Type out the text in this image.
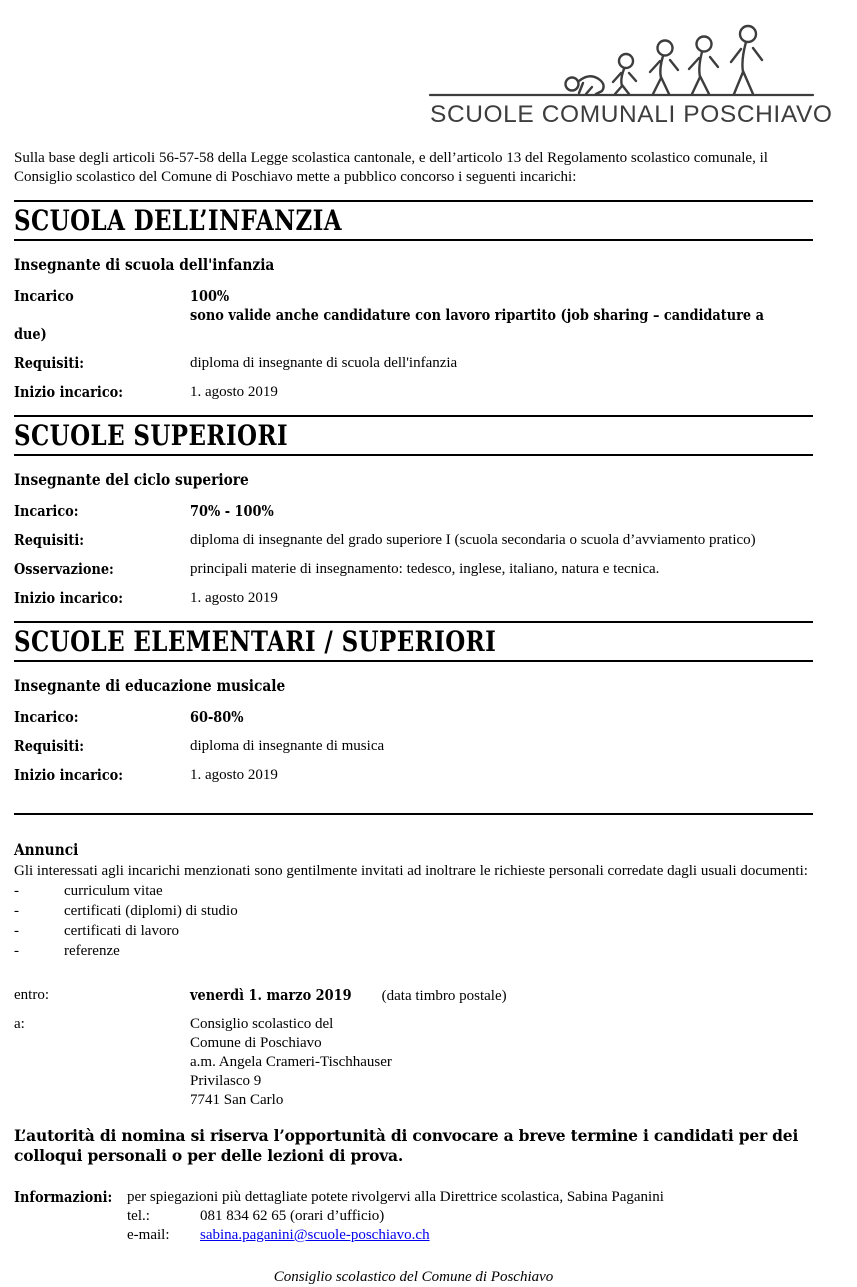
SCUOLE COMUNALI POSCHIAVO

Sulla base degli articoli 56-57-58 della Legge scolastica cantonale, e dell’articolo 13 del Regolamento scolastico comunale, il Consiglio scolastico del Comune di Poschiavo mette a pubblico concorso i seguenti incarichi:

SCUOLA DELL’INFANZIA
Insegnante di scuola dell'infanzia
Incarico	100%
sono valide anche candidature con lavoro ripartito (job sharing – candidature a
due)
Requisiti:	diploma di insegnante di scuola dell'infanzia
Inizio incarico:	1. agosto 2019
SCUOLE SUPERIORI
Insegnante del ciclo superiore
Incarico:	70% - 100%
Requisiti:	diploma di insegnante del grado superiore I (scuola secondaria o scuola d’avviamento pratico)
Osservazione:	principali materie di insegnamento: tedesco, inglese, italiano, natura e tecnica.
Inizio incarico:	1. agosto 2019
SCUOLE ELEMENTARI / SUPERIORI
Insegnante di educazione musicale
Incarico:	60-80%
Requisiti:	diploma di insegnante di musica
Inizio incarico:	1. agosto 2019
Annunci

Gli interessati agli incarichi menzionati sono gentilmente invitati ad inoltrare le richieste personali corredate dagli usuali documenti:

-	curriculum vitae
-	certificati (diplomi) di studio
-	certificati di lavoro
-	referenze
entro:	venerdì 1. marzo 2019 (data timbro postale)
a:	Consiglio scolastico del
Comune di Poschiavo
a.m. Angela Crameri-Tischhauser
Privilasco 9
7741 San Carlo

L’autorità di nomina si riserva l’opportunità di convocare a breve termine i candidati per dei colloqui personali o per delle lezioni di prova.

Informazioni: per spiegazioni più dettagliate potete rivolgervi alla Direttrice scolastica, Sabina Paganini
tel.:	081 834 62 65 (orari d’ufficio)
e-mail:	sabina.paganini@scuole-poschiavo.ch

Consiglio scolastico del Comune di Poschiavo
